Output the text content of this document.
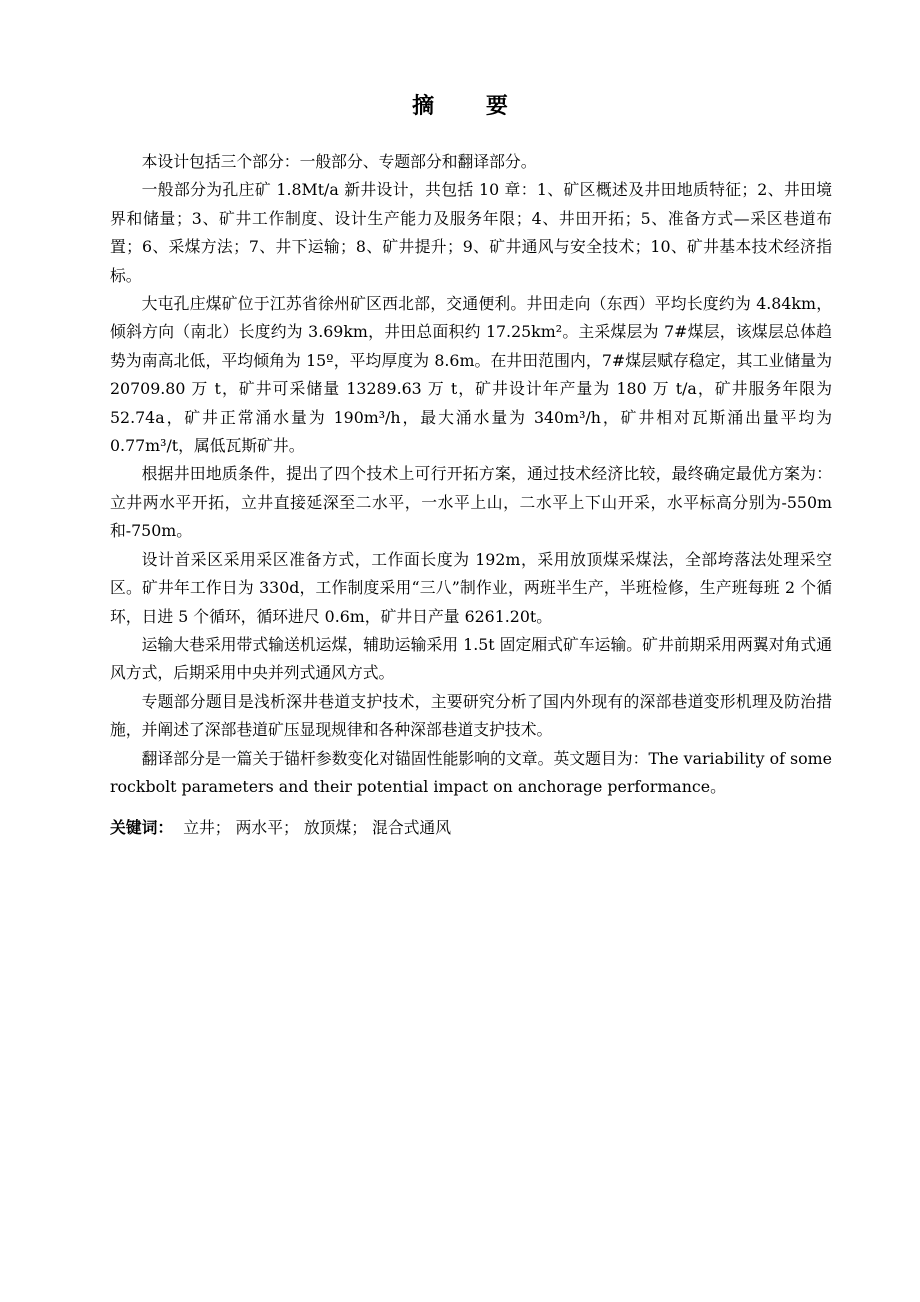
摘 要

本设计包括三个部分：一般部分、专题部分和翻译部分。

一般部分为孔庄矿 1.8Mt/a 新井设计，共包括 10 章：1、矿区概述及井田地质特征；2、井田境界和储量；3、矿井工作制度、设计生产能力及服务年限；4、井田开拓；5、准备方式—采区巷道布置；6、采煤方法；7、井下运输；8、矿井提升；9、矿井通风与安全技术；10、矿井基本技术经济指标。

大屯孔庄煤矿位于江苏省徐州矿区西北部，交通便利。井田走向（东西）平均长度约为 4.84km，倾斜方向（南北）长度约为 3.69km，井田总面积约 17.25km²。主采煤层为 7#煤层，该煤层总体趋势为南高北低，平均倾角为 15º，平均厚度为 8.6m。在井田范围内，7#煤层赋存稳定，其工业储量为 20709.80 万 t，矿井可采储量 13289.63 万 t，矿井设计年产量为 180 万 t/a，矿井服务年限为 52.74a，矿井正常涌水量为 190m³/h，最大涌水量为 340m³/h，矿井相对瓦斯涌出量平均为 0.77m³/t，属低瓦斯矿井。

根据井田地质条件，提出了四个技术上可行开拓方案，通过技术经济比较，最终确定最优方案为：立井两水平开拓，立井直接延深至二水平，一水平上山，二水平上下山开采，水平标高分别为-550m 和-750m。

设计首采区采用采区准备方式，工作面长度为 192m，采用放顶煤采煤法，全部垮落法处理采空区。矿井年工作日为 330d，工作制度采用“三八”制作业，两班半生产，半班检修，生产班每班 2 个循环，日进 5 个循环，循环进尺 0.6m，矿井日产量 6261.20t。

运输大巷采用带式输送机运煤，辅助运输采用 1.5t 固定厢式矿车运输。矿井前期采用两翼对角式通风方式，后期采用中央并列式通风方式。

专题部分题目是浅析深井巷道支护技术，主要研究分析了国内外现有的深部巷道变形机理及防治措施，并阐述了深部巷道矿压显现规律和各种深部巷道支护技术。

翻译部分是一篇关于锚杆参数变化对锚固性能影响的文章。英文题目为：The variability of some rockbolt parameters and their potential impact on anchorage performance。

关键词： 立井； 两水平； 放顶煤； 混合式通风
